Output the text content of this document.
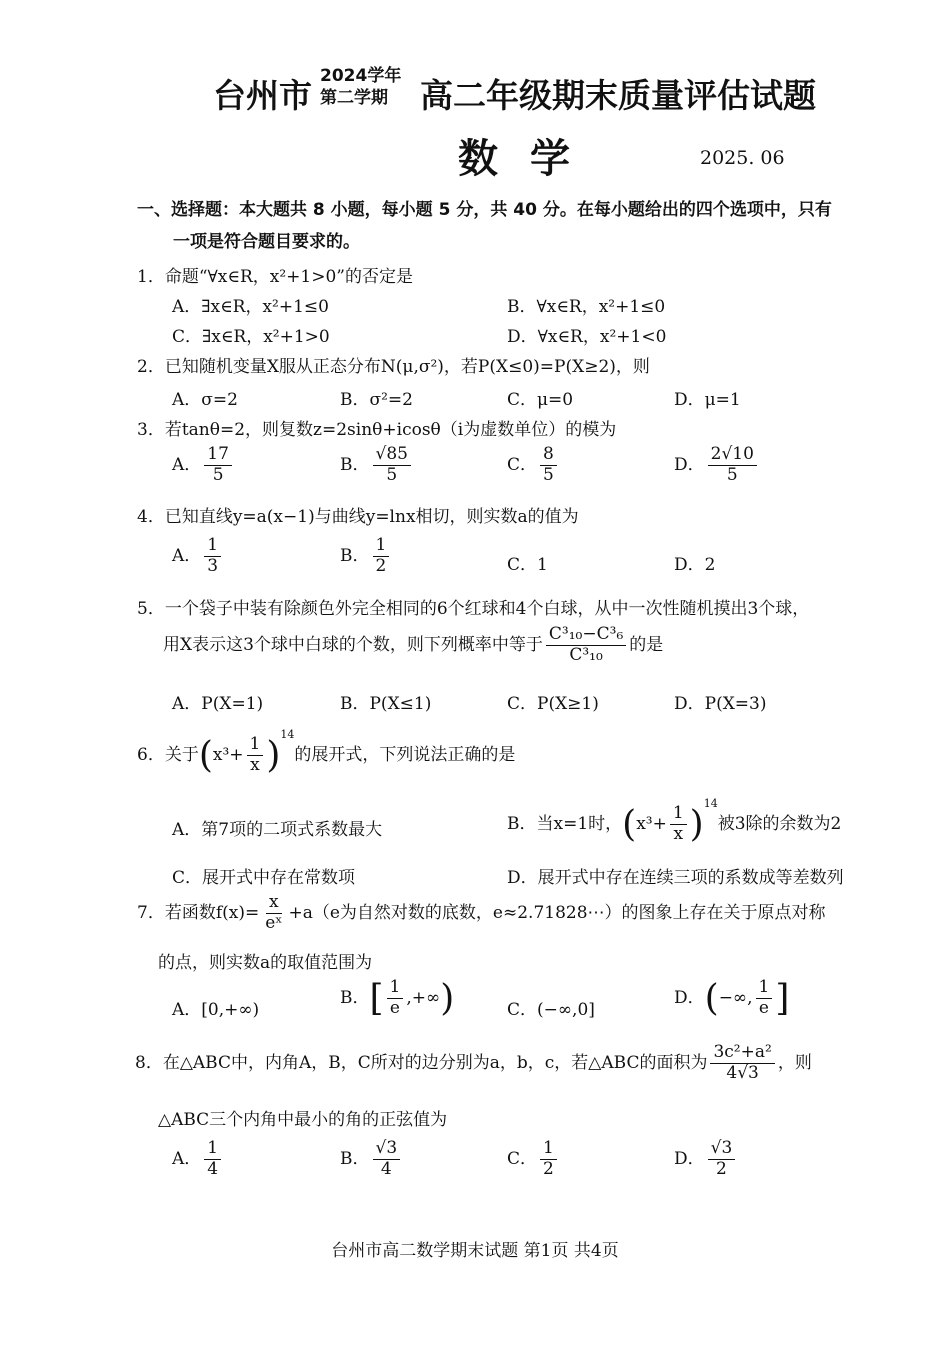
台州市 2024学年
第二学期 高二年级期末质量评估试题
数学	2025. 06
一、选择题：本大题共 8 小题，每小题 5 分，共 40 分。在每小题给出的四个选项中，只有
一项是符合题目要求的。
1．命题“∀x∈R，x²+1>0”的否定是
A．∃x∈R，x²+1≤0	B．∀x∈R，x²+1≤0
C．∃x∈R，x²+1>0	D．∀x∈R，x²+1<0
2．已知随机变量X服从正态分布N(μ,σ²)，若P(X≤0)=P(X≥2)，则
A．σ=2	B．σ²=2	C．μ=0	D．μ=1
3．若tanθ=2，则复数z=2sinθ+icosθ（i为虚数单位）的模为
A． $\frac{17}{5}$	B． $\frac{√85}{5}$	C． $\frac{8}{5}$	D． $\frac{2√10}{5}$
4．已知直线y=a(x−1)与曲线y=lnx相切，则实数a的值为
A． $\frac{1}{3}$	B． $\frac{1}{2}$	C．1	D．2
5．一个袋子中装有除颜色外完全相同的6个红球和4个白球，从中一次性随机摸出3个球，
用X表示这3个球中白球的个数，则下列概率中等于 $\frac{\text{C³₁₀−C³₆}}{\text{C³₁₀}}$ 的是
A．P(X=1)	B．P(X≤1)	C．P(X≥1)	D．P(X=3)
6．关于$(x^3+ \frac{1}{x} )^{14}$的展开式，下列说法正确的是
A．第7项的二项式系数最大	B．当x=1时，$(x^3+ \frac{1}{x} )^{14}$被3除的余数为2
C．展开式中存在常数项	D．展开式中存在连续三项的系数成等差数列
7．若函数$f(x)= \frac{x}{\text{eˣ}} +a(e$为自然对数的底数，e≈2.71828⋯）的图象上存在关于原点对称
的点，则实数a的取值范围为
A．[0,+∞)
B．[ $\frac{1}{e}$ ,+∞)	C．(−∞,0]
D．(−∞, $\frac{1}{e}$ ]
8．在△ABC中，内角A，B，C所对的边分别为a，b，c，若△ABC的面积为 $\frac{\text{3c²+a²}}{4√3}$ ，则
△ABC三个内角中最小的角的正弦值为
A． $\frac{1}{4}$	B． $\frac{√3}{4}$	C． $\frac{1}{2}$	D． $\frac{√3}{2}$
台州市高二数学期末试题 第1页 共4页
